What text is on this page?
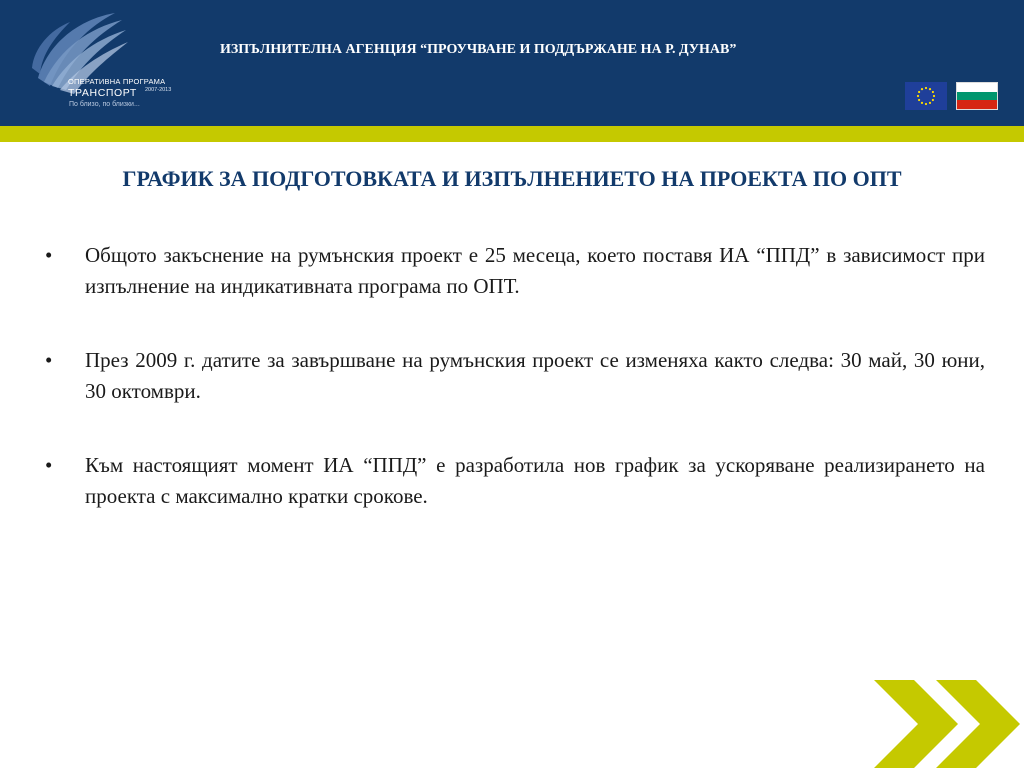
ОПЕРАТИВНА ПРОГРАМА
ТРАНСПОРТ 2007-2013
По близо, по близки...
ИЗПЪЛНИТЕЛНА АГЕНЦИЯ “ПРОУЧВАНЕ И ПОДДЪРЖАНЕ НА Р. ДУНАВ”
ГРАФИК ЗА ПОДГОТОВКАТА И ИЗПЪЛНЕНИЕТО НА ПРОЕКТА ПО ОПТ
•	Общото закъснение на румънския проект е 25 месеца, което поставя ИА “ППД” в зависимост при изпълнение на индикативната програма по ОПТ.
•	През 2009 г. датите за завършване на румънския проект се изменяха както следва: 30 май, 30 юни, 30 октомври.
•	Към настоящият момент ИА “ППД” е разработила нов график за ускоряване реализирането на проекта с максимално кратки срокове.
